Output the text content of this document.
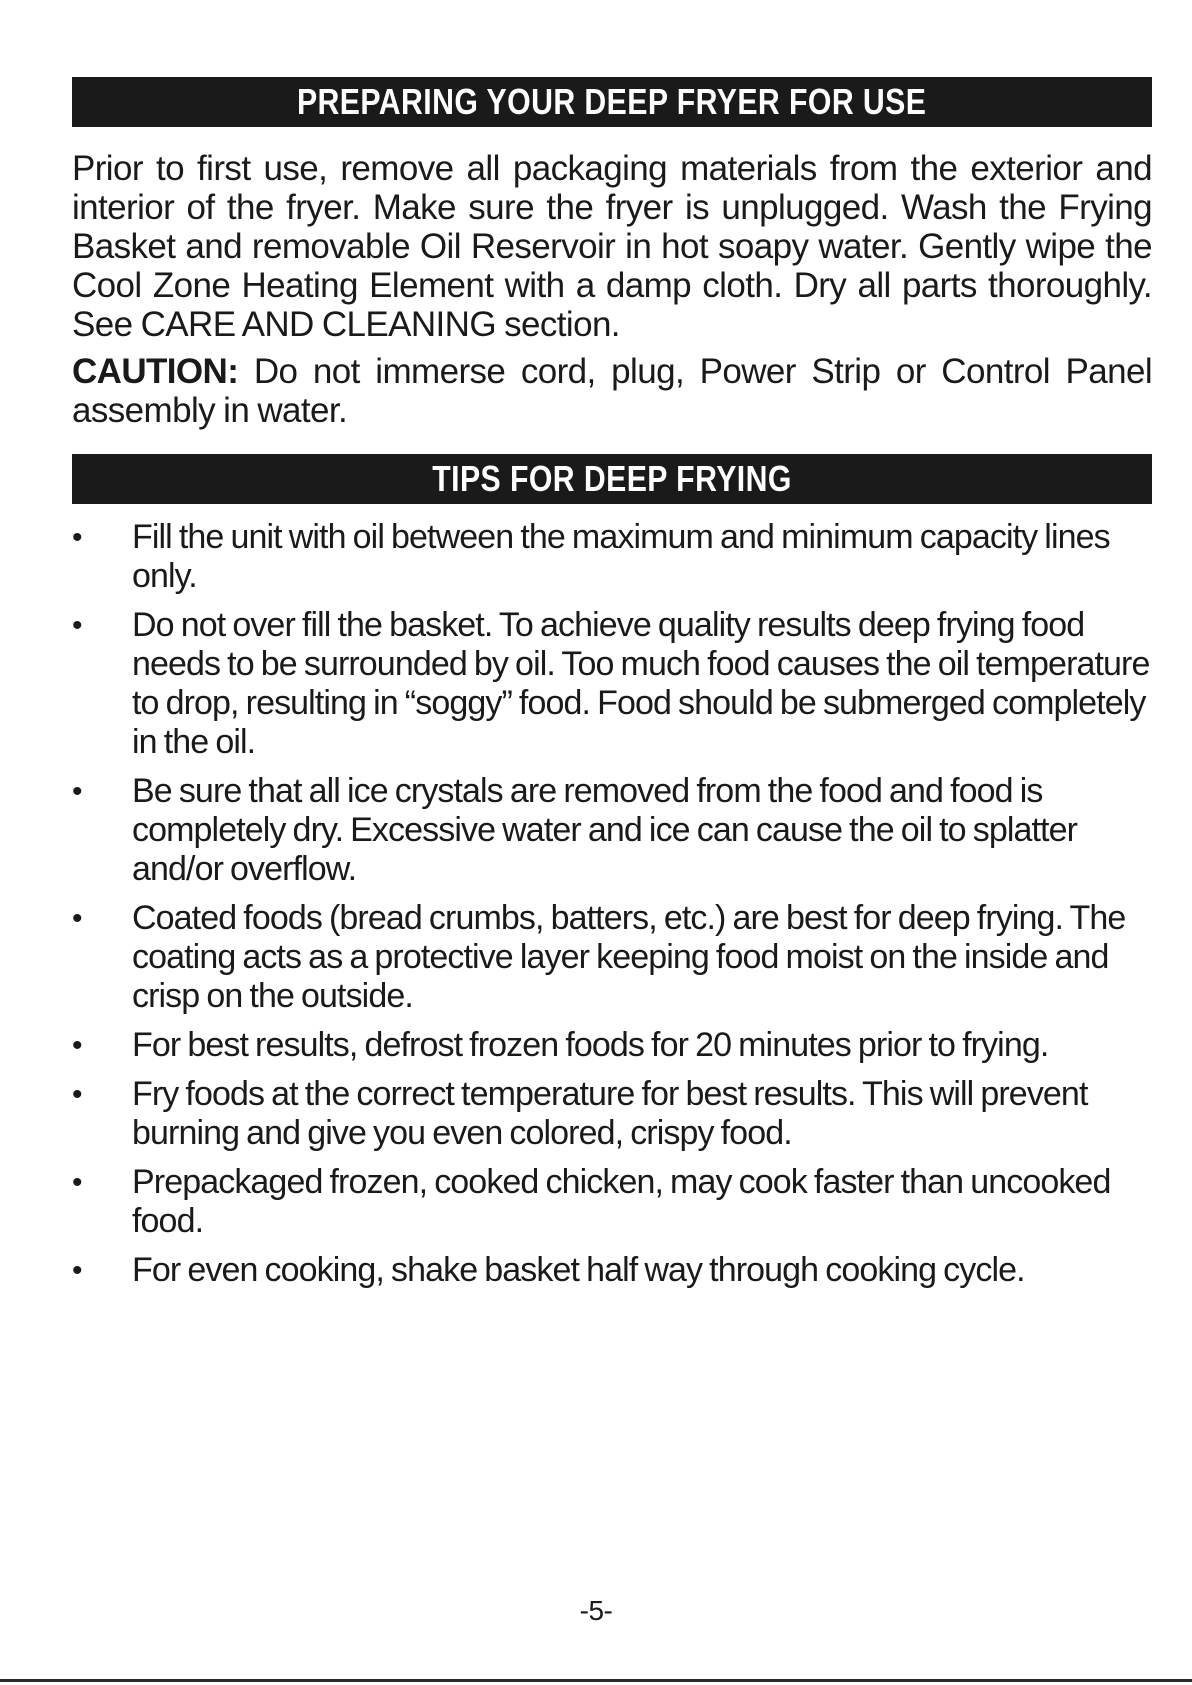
PREPARING YOUR DEEP FRYER FOR USE

Prior to first use, remove all packaging materials from the exterior and interior of the fryer. Make sure the fryer is unplugged. Wash the Frying Basket and removable Oil Reservoir in hot soapy water. Gently wipe the Cool Zone Heating Element with a damp cloth. Dry all parts thoroughly. See CARE AND CLEANING section.

CAUTION: Do not immerse cord, plug, Power Strip or Control Panel assembly in water.

TIPS FOR DEEP FRYING
• Fill the unit with oil between the maximum and minimum capacity lines only.
• Do not over fill the basket. To achieve quality results deep frying food needs to be surrounded by oil. Too much food causes the oil temperature to drop, resulting in “soggy” food. Food should be submerged completely in the oil.
• Be sure that all ice crystals are removed from the food and food is completely dry. Excessive water and ice can cause the oil to splatter and/or overflow.
• Coated foods (bread crumbs, batters, etc.) are best for deep frying. The coating acts as a protective layer keeping food moist on the inside and crisp on the outside.
• For best results, defrost frozen foods for 20 minutes prior to frying.
• Fry foods at the correct temperature for best results. This will prevent burning and give you even colored, crispy food.
• Prepackaged frozen, cooked chicken, may cook faster than uncooked food.
• For even cooking, shake basket half way through cooking cycle.
-5-
